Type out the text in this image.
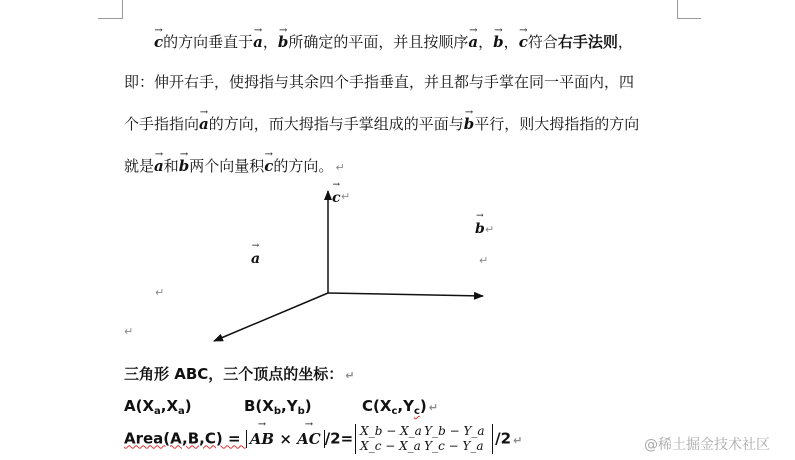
→ c的方向垂直于→ a，→ b所确定的平面，并且按顺序→ a，→ b，→ c符合右手法则，
即：伸开右手，使拇指与其余四个手指垂直，并且都与手掌在同一平面内，四
个手指指向→ a的方向，而大拇指与手掌组成的平面与→ b平行，则大拇指指的方向
就是→ a和→ b两个向量积→ c的方向。 ↵
→
c ↵
→
b ↵
→
a	↵
↵
↵
三角形 ABC，三个顶点的坐标： ↵
$A(X_a,X_a)$	$B(X_b,Y_b)$	$C(X_c,Y_c)$ ↵
Area(A,B,C) = → AB × → AC /2= X_b − X_a Y_b − Y_a
X_c − X_a Y_c − Y_a /2 ↵	@稀土掘金技术社区
